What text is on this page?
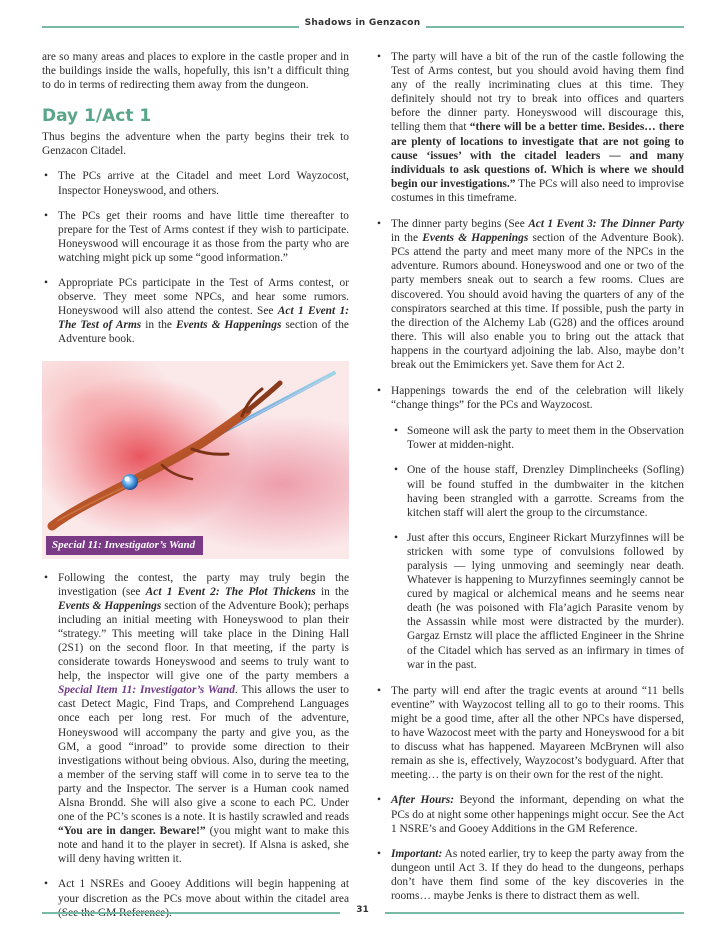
Shadows in Genzacon

are so many areas and places to explore in the castle proper and in the buildings inside the walls, hopefully, this isn’t a difficult thing to do in terms of redirecting them away from the dungeon.

Day 1/Act 1

Thus begins the adventure when the party begins their trek to Genzacon Citadel.

• The PCs arrive at the Citadel and meet Lord Wayzocost, Inspector Honeyswood, and others.
• The PCs get their rooms and have little time thereafter to prepare for the Test of Arms contest if they wish to participate. Honeyswood will encourage it as those from the party who are watching might pick up some “good information.”
• Appropriate PCs participate in the Test of Arms contest, or observe. They meet some NPCs, and hear some rumors. Honeyswood will also attend the contest. See Act 1 Event 1: The Test of Arms in the Events & Happenings section of the Adventure book.
Special 11: Investigator’s Wand
• Following the contest, the party may truly begin the investigation (see Act 1 Event 2: The Plot Thickens in the Events & Happenings section of the Adventure Book); perhaps including an initial meeting with Honeyswood to plan their “strategy.” This meeting will take place in the Dining Hall (2S1) on the second floor. In that meeting, if the party is considerate towards Honeyswood and seems to truly want to help, the inspector will give one of the party members a Special Item 11: Investigator’s Wand. This allows the user to cast Detect Magic, Find Traps, and Comprehend Languages once each per long rest. For much of the adventure, Honeyswood will accompany the party and give you, as the GM, a good “inroad” to provide some direction to their investigations without being obvious. Also, during the meeting, a member of the serving staff will come in to serve tea to the party and the Inspector. The server is a Human cook named Alsna Brondd. She will also give a scone to each PC. Under one of the PC’s scones is a note. It is hastily scrawled and reads “You are in danger. Beware!” (you might want to make this note and hand it to the player in secret). If Alsna is asked, she will deny having written it.
• Act 1 NSREs and Gooey Additions will begin happening at your discretion as the PCs move about within the citadel area
• The party will have a bit of the run of the castle following the Test of Arms contest, but you should avoid having them find any of the really incriminating clues at this time. They definitely should not try to break into offices and quarters before the dinner party. Honeyswood will discourage this, telling them that “there will be a better time. Besides… there are plenty of locations to investigate that are not going to cause ‘issues’ with the citadel leaders — and many individuals to ask questions of. Which is where we should begin our investigations.” The PCs will also need to improvise costumes in this timeframe.
• The dinner party begins (See Act 1 Event 3: The Dinner Party in the Events & Happenings section of the Adventure Book). PCs attend the party and meet many more of the NPCs in the adventure. Rumors abound. Honeyswood and one or two of the party members sneak out to search a few rooms. Clues are discovered. You should avoid having the quarters of any of the conspirators searched at this time. If possible, push the party in the direction of the Alchemy Lab (G28) and the offices around there. This will also enable you to bring out the attack that happens in the courtyard adjoining the lab. Also, maybe don’t break out the Emimickers yet. Save them for Act 2.
• Happenings towards the end of the celebration will likely “change things” for the PCs and Wayzocost.
• Someone will ask the party to meet them in the Observation Tower at midden-night.
• One of the house staff, Drenzley Dimplincheeks (Sofling) will be found stuffed in the dumbwaiter in the kitchen having been strangled with a garrotte. Screams from the kitchen staff will alert the group to the circumstance.
• Just after this occurs, Engineer Rickart Murzyfinnes will be stricken with some type of convulsions followed by paralysis — lying unmoving and seemingly near death. Whatever is happening to Murzyfinnes seemingly cannot be cured by magical or alchemical means and he seems near death (he was poisoned with Fla’agich Parasite venom by the Assassin while most were distracted by the murder). Gargaz Ernstz will place the afflicted Engineer in the Shrine of the Citadel which has served as an infirmary in times of war in the past.
• The party will end after the tragic events at around “11 bells eventine” with Wayzocost telling all to go to their rooms. This might be a good time, after all the other NPCs have dispersed, to have Wazocost meet with the party and Honeyswood for a bit to discuss what has happened. Mayareen McBrynen will also remain as she is, effectively, Wayzocost’s bodyguard. After that meeting… the party is on their own for the rest of the night.
• After Hours: Beyond the informant, depending on what the PCs do at night some other happenings might occur. See the Act 1 NSRE’s and Gooey Additions in the GM Reference.
• Important: As noted earlier, try to keep the party away from the dungeon until Act 3. If they do head to the dungeons, perhaps don’t have them find some of the key discoveries in the rooms… maybe Jenks is there to distract them as well.
31
